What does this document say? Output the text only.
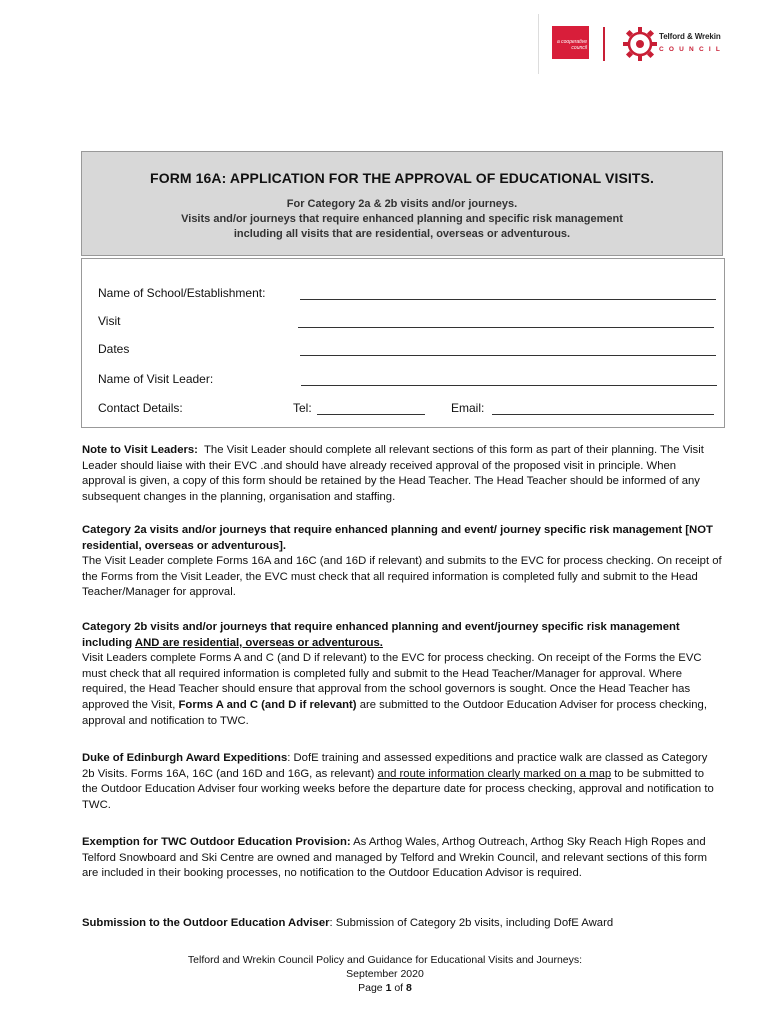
a cooperative
council
Telford & Wrekin
COUNCIL
FORM 16A: APPLICATION FOR THE APPROVAL OF EDUCATIONAL VISITS.
For Category 2a & 2b visits and/or journeys.
Visits and/or journeys that require enhanced planning and specific risk management
including all visits that are residential, overseas or adventurous.
Name of School/Establishment:
Visit
Dates
Name of Visit Leader:
Contact Details:	Tel:	Email:
Note to Visit Leaders: The Visit Leader should complete all relevant sections of this form as part of their planning. The Visit Leader should liaise with their EVC .and should have already received approval of the proposed visit in principle. When approval is given, a copy of this form should be retained by the Head Teacher. The Head Teacher should be informed of any subsequent changes in the planning, organisation and staffing.
Category 2a visits and/or journeys that require enhanced planning and event/ journey specific risk management [NOT residential, overseas or adventurous].
The Visit Leader complete Forms 16A and 16C (and 16D if relevant) and submits to the EVC for process checking. On receipt of the Forms from the Visit Leader, the EVC must check that all required information is completed fully and submit to the Head Teacher/Manager for approval.
Category 2b visits and/or journeys that require enhanced planning and event/journey specific risk management including AND are residential, overseas or adventurous.
Visit Leaders complete Forms A and C (and D if relevant) to the EVC for process checking. On receipt of the Forms the EVC must check that all required information is completed fully and submit to the Head Teacher/Manager for approval. Where required, the Head Teacher should ensure that approval from the school governors is sought. Once the Head Teacher has approved the Visit, Forms A and C (and D if relevant) are submitted to the Outdoor Education Adviser for process checking, approval and notification to TWC.
Duke of Edinburgh Award Expeditions: DofE training and assessed expeditions and practice walk are classed as Category 2b Visits. Forms 16A, 16C (and 16D and 16G, as relevant) and route information clearly marked on a map to be submitted to the Outdoor Education Adviser four working weeks before the departure date for process checking, approval and notification to TWC.
Exemption for TWC Outdoor Education Provision: As Arthog Wales, Arthog Outreach, Arthog Sky Reach High Ropes and Telford Snowboard and Ski Centre are owned and managed by Telford and Wrekin Council, and relevant sections of this form are included in their booking processes, no notification to the Outdoor Education Advisor is required.
Submission to the Outdoor Education Adviser: Submission of Category 2b visits, including DofE Award
Telford and Wrekin Council Policy and Guidance for Educational Visits and Journeys:
September 2020
Page 1 of 8
